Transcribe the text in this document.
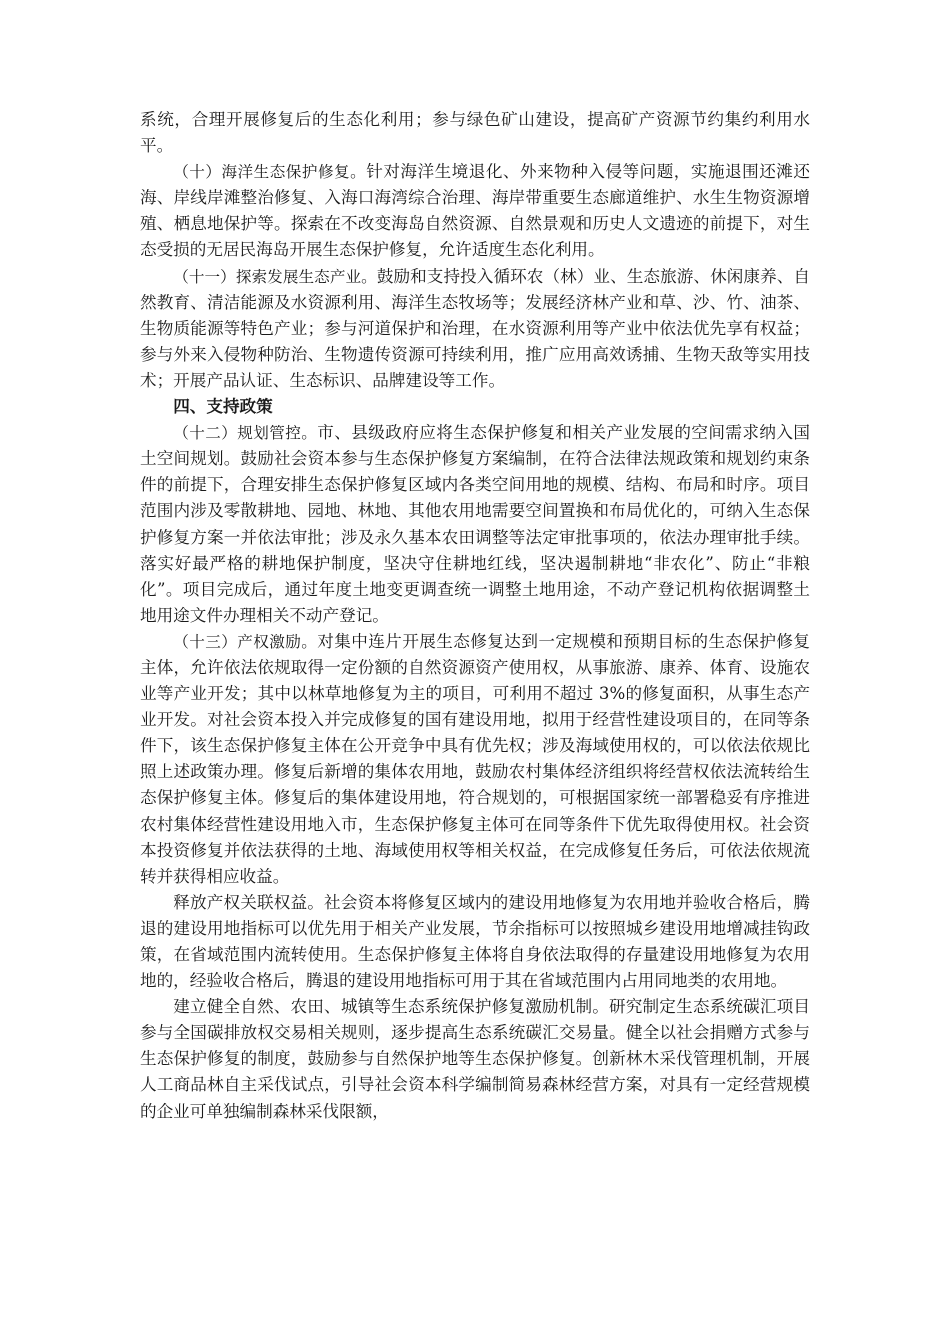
系统，合理开展修复后的生态化利用；参与绿色矿山建设，提高矿产资源节约集约利用水平。

（十）海洋生态保护修复。针对海洋生境退化、外来物种入侵等问题，实施退围还滩还海、岸线岸滩整治修复、入海口海湾综合治理、海岸带重要生态廊道维护、水生生物资源增殖、栖息地保护等。探索在不改变海岛自然资源、自然景观和历史人文遗迹的前提下，对生态受损的无居民海岛开展生态保护修复，允许适度生态化利用。

（十一）探索发展生态产业。鼓励和支持投入循环农（林）业、生态旅游、休闲康养、自然教育、清洁能源及水资源利用、海洋生态牧场等；发展经济林产业和草、沙、竹、油茶、生物质能源等特色产业；参与河道保护和治理，在水资源利用等产业中依法优先享有权益；参与外来入侵物种防治、生物遗传资源可持续利用，推广应用高效诱捕、生物天敌等实用技术；开展产品认证、生态标识、品牌建设等工作。

四、支持政策

（十二）规划管控。市、县级政府应将生态保护修复和相关产业发展的空间需求纳入国土空间规划。鼓励社会资本参与生态保护修复方案编制，在符合法律法规政策和规划约束条件的前提下，合理安排生态保护修复区域内各类空间用地的规模、结构、布局和时序。项目范围内涉及零散耕地、园地、林地、其他农用地需要空间置换和布局优化的，可纳入生态保护修复方案一并依法审批；涉及永久基本农田调整等法定审批事项的，依法办理审批手续。落实好最严格的耕地保护制度，坚决守住耕地红线，坚决遏制耕地“非农化”、防止“非粮化”。项目完成后，通过年度土地变更调查统一调整土地用途，不动产登记机构依据调整土地用途文件办理相关不动产登记。

（十三）产权激励。对集中连片开展生态修复达到一定规模和预期目标的生态保护修复主体，允许依法依规取得一定份额的自然资源资产使用权，从事旅游、康养、体育、设施农业等产业开发；其中以林草地修复为主的项目，可利用不超过 3%的修复面积，从事生态产业开发。对社会资本投入并完成修复的国有建设用地，拟用于经营性建设项目的，在同等条件下，该生态保护修复主体在公开竞争中具有优先权；涉及海域使用权的，可以依法依规比照上述政策办理。修复后新增的集体农用地，鼓励农村集体经济组织将经营权依法流转给生态保护修复主体。修复后的集体建设用地，符合规划的，可根据国家统一部署稳妥有序推进农村集体经营性建设用地入市，生态保护修复主体可在同等条件下优先取得使用权。社会资本投资修复并依法获得的土地、海域使用权等相关权益，在完成修复任务后，可依法依规流转并获得相应收益。

释放产权关联权益。社会资本将修复区域内的建设用地修复为农用地并验收合格后，腾退的建设用地指标可以优先用于相关产业发展，节余指标可以按照城乡建设用地增减挂钩政策，在省域范围内流转使用。生态保护修复主体将自身依法取得的存量建设用地修复为农用地的，经验收合格后，腾退的建设用地指标可用于其在省域范围内占用同地类的农用地。

建立健全自然、农田、城镇等生态系统保护修复激励机制。研究制定生态系统碳汇项目参与全国碳排放权交易相关规则，逐步提高生态系统碳汇交易量。健全以社会捐赠方式参与生态保护修复的制度，鼓励参与自然保护地等生态保护修复。创新林木采伐管理机制，开展人工商品林自主采伐试点，引导社会资本科学编制简易森林经营方案，对具有一定经营规模的企业可单独编制森林采伐限额，
